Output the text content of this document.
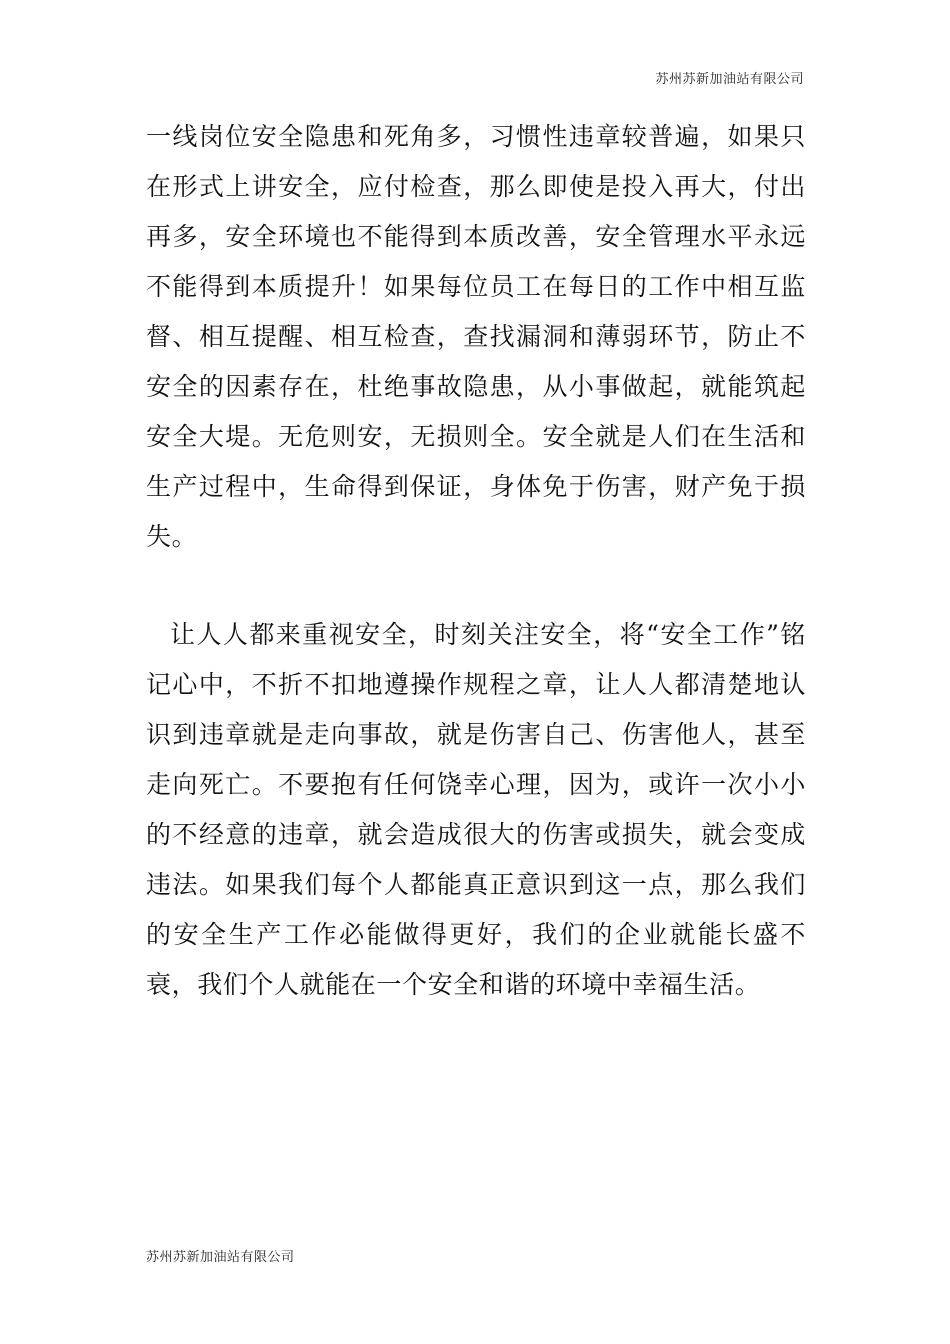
苏州苏新加油站有限公司

一线岗位安全隐患和死角多，习惯性违章较普遍，如果只在形式上讲安全，应付检查，那么即使是投入再大，付出再多，安全环境也不能得到本质改善，安全管理水平永远不能得到本质提升！如果每位员工在每日的工作中相互监督、相互提醒、相互检查，查找漏洞和薄弱环节，防止不安全的因素存在，杜绝事故隐患，从小事做起，就能筑起安全大堤。无危则安，无损则全。安全就是人们在生活和生产过程中，生命得到保证，身体免于伤害，财产免于损失。

让人人都来重视安全，时刻关注安全，将“安全工作”铭记心中，不折不扣地遵操作规程之章，让人人都清楚地认识到违章就是走向事故，就是伤害自己、伤害他人，甚至走向死亡。不要抱有任何饶幸心理，因为，或许一次小小的不经意的违章，就会造成很大的伤害或损失，就会变成违法。如果我们每个人都能真正意识到这一点，那么我们的安全生产工作必能做得更好，我们的企业就能长盛不衰，我们个人就能在一个安全和谐的环境中幸福生活。

苏州苏新加油站有限公司
